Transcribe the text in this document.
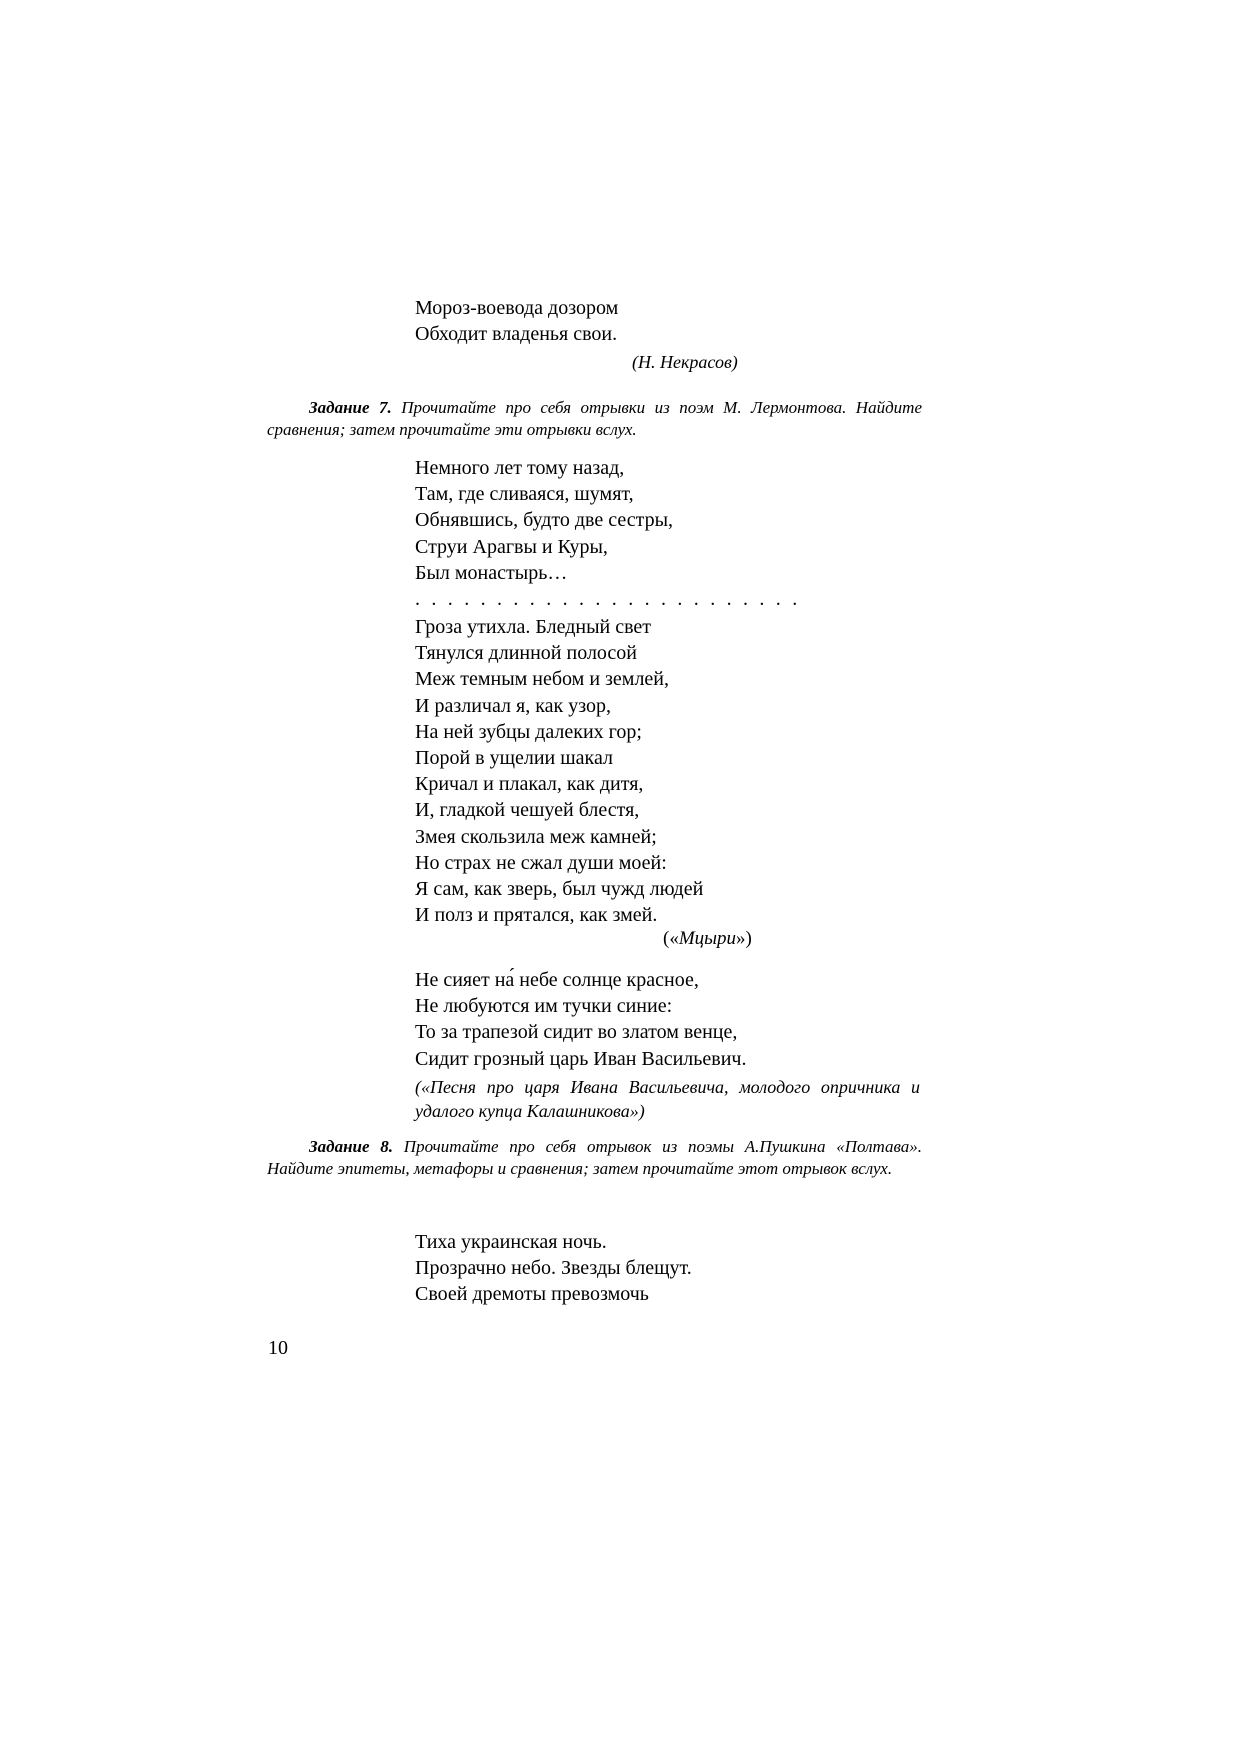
Мороз-воевода дозором
Обходит владенья свои.
(Н. Некрасов)
Задание 7. Прочитайте про себя отрывки из поэм М. Лермонтова. Найдите сравнения; затем прочитайте эти отрывки вслух.
Немного лет тому назад,
Там, где сливаяся, шумят,
Обнявшись, будто две сестры,
Струи Арагвы и Куры,
Был монастырь…
. . . . . . . . . . . . . . . . . . . . . . . .
Гроза утихла. Бледный свет
Тянулся длинной полосой
Меж темным небом и землей,
И различал я, как узор,
На ней зубцы далеких гор;
Порой в ущелии шакал
Кричал и плакал, как дитя,
И, гладкой чешуей блестя,
Змея скользила меж камней;
Но страх не сжал души моей:
Я сам, как зверь, был чужд людей
И полз и прятался, как змей.
(«Мцыри»)
Не сияет на́ небе солнце красное,
Не любуются им тучки синие:
То за трапезой сидит во златом венце,
Сидит грозный царь Иван Васильевич.
(«Песня про царя Ивана Васильевича, молодого опричника и удалого купца Калашникова»)
Задание 8. Прочитайте про себя отрывок из поэмы А.Пушкина «Полтава». Найдите эпитеты, метафоры и сравнения; затем прочитайте этот отрывок вслух.
Тиха украинская ночь.
Прозрачно небо. Звезды блещут.
Своей дремоты превозмочь
10
